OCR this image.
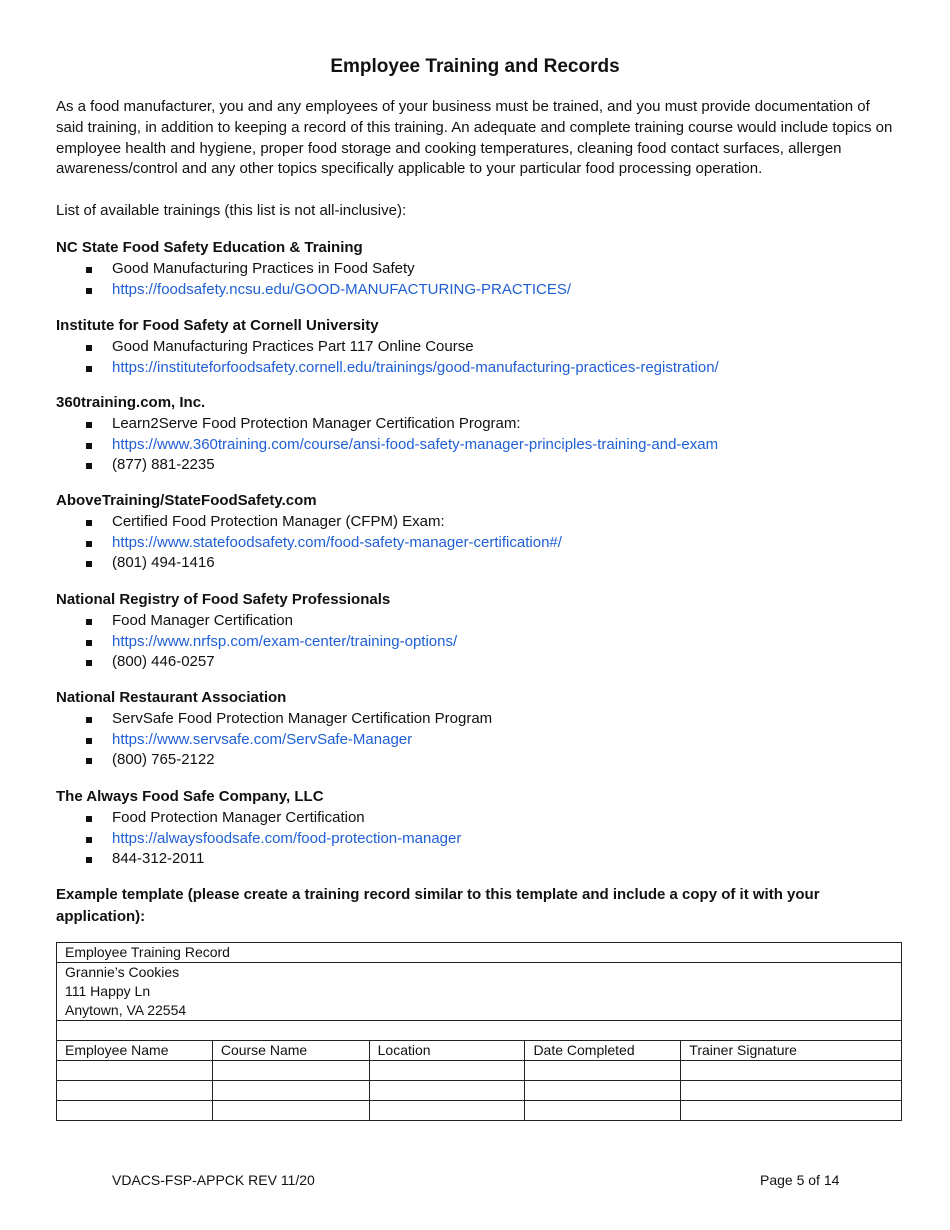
Employee Training and Records

As a food manufacturer, you and any employees of your business must be trained, and you must provide documentation of said training, in addition to keeping a record of this training. An adequate and complete training course would include topics on employee health and hygiene, proper food storage and cooking temperatures, cleaning food contact surfaces, allergen awareness/control and any other topics specifically applicable to your particular food processing operation.

List of available trainings (this list is not all-inclusive):

NC State Food Safety Education & Training
Good Manufacturing Practices in Food Safety
https://foodsafety.ncsu.edu/GOOD-MANUFACTURING-PRACTICES/
Institute for Food Safety at Cornell University
Good Manufacturing Practices Part 117 Online Course
https://instituteforfoodsafety.cornell.edu/trainings/good-manufacturing-practices-registration/
360training.com, Inc.
Learn2Serve Food Protection Manager Certification Program:
https://www.360training.com/course/ansi-food-safety-manager-principles-training-and-exam
(877) 881-2235
AboveTraining/StateFoodSafety.com
Certified Food Protection Manager (CFPM) Exam:
https://www.statefoodsafety.com/food-safety-manager-certification#/
(801) 494-1416
National Registry of Food Safety Professionals
Food Manager Certification
https://www.nrfsp.com/exam-center/training-options/
(800) 446-0257
National Restaurant Association
ServSafe Food Protection Manager Certification Program
https://www.servsafe.com/ServSafe-Manager
(800) 765-2122
The Always Food Safe Company, LLC
Food Protection Manager Certification
https://alwaysfoodsafe.com/food-protection-manager
844-312-2011

Example template (please create a training record similar to this template and include a copy of it with your application):

Employee Training Record				

Grannie’s Cookies
111 Happy Ln
Anytown, VA 22554				

Employee Name	Course Name	Location	Date Completed	Trainer Signature

VDACS-FSP-APPCK REV 11/20	Page 5 of 14
